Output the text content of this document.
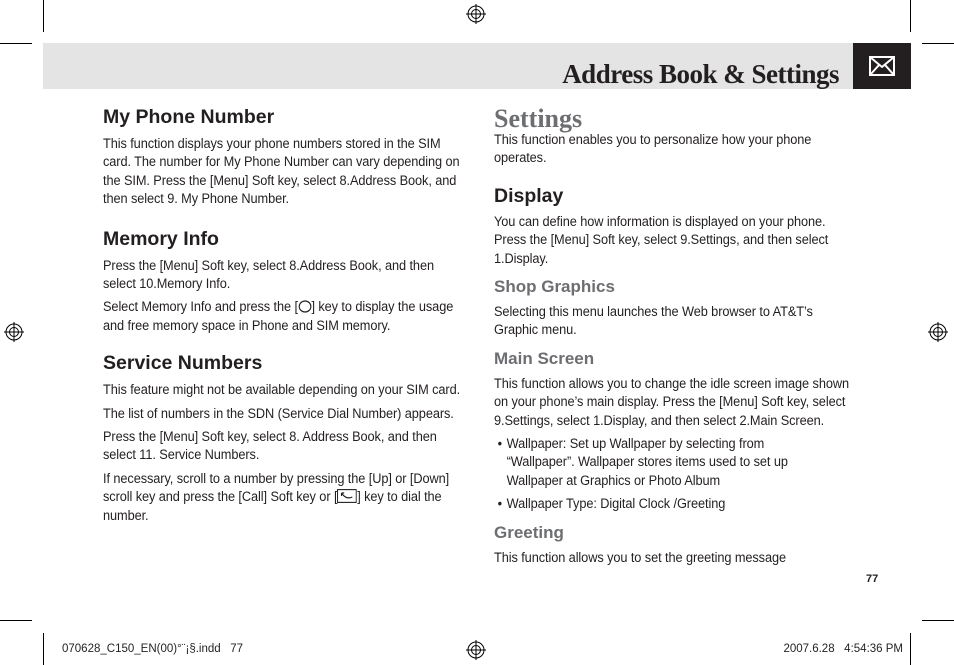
Address Book & Settings
My Phone Number
This function displays your phone numbers stored in the SIM card. The number for My Phone Number can vary depending on the SIM. Press the [Menu] Soft key, select 8.Address Book, and then select 9. My Phone Number.
Memory Info
Press the [Menu] Soft key, select 8.Address Book, and then select 10.Memory Info.
Select Memory Info and press the [ ] key to display the usage and free memory space in Phone and SIM memory.
Service Numbers
This feature might not be available depending on your SIM card.
The list of numbers in the SDN (Service Dial Number) appears.
Press the [Menu] Soft key, select 8. Address Book, and then select 11. Service Numbers.
If necessary, scroll to a number by pressing the [Up] or [Down] scroll key and press the [Call] Soft key or [ ] key to dial the number.
Settings
This function enables you to personalize how your phone operates.
Display
You can define how information is displayed on your phone. Press the [Menu] Soft key, select 9.Settings, and then select 1.Display.
Shop Graphics
Selecting this menu launches the Web browser to AT&T’s Graphic menu.
Main Screen
This function allows you to change the idle screen image shown on your phone’s main display. Press the [Menu] Soft key, select 9.Settings, select 1.Display, and then select 2.Main Screen.
• Wallpaper: Set up Wallpaper by selecting from “Wallpaper”. Wallpaper stores items used to set up Wallpaper at Graphics or Photo Album
• Wallpaper Type: Digital Clock /Greeting
Greeting
This function allows you to set the greeting message
77
070628_C150_EN(00)°¨¡§.indd   77	2007.6.28   4:54:36 PM
